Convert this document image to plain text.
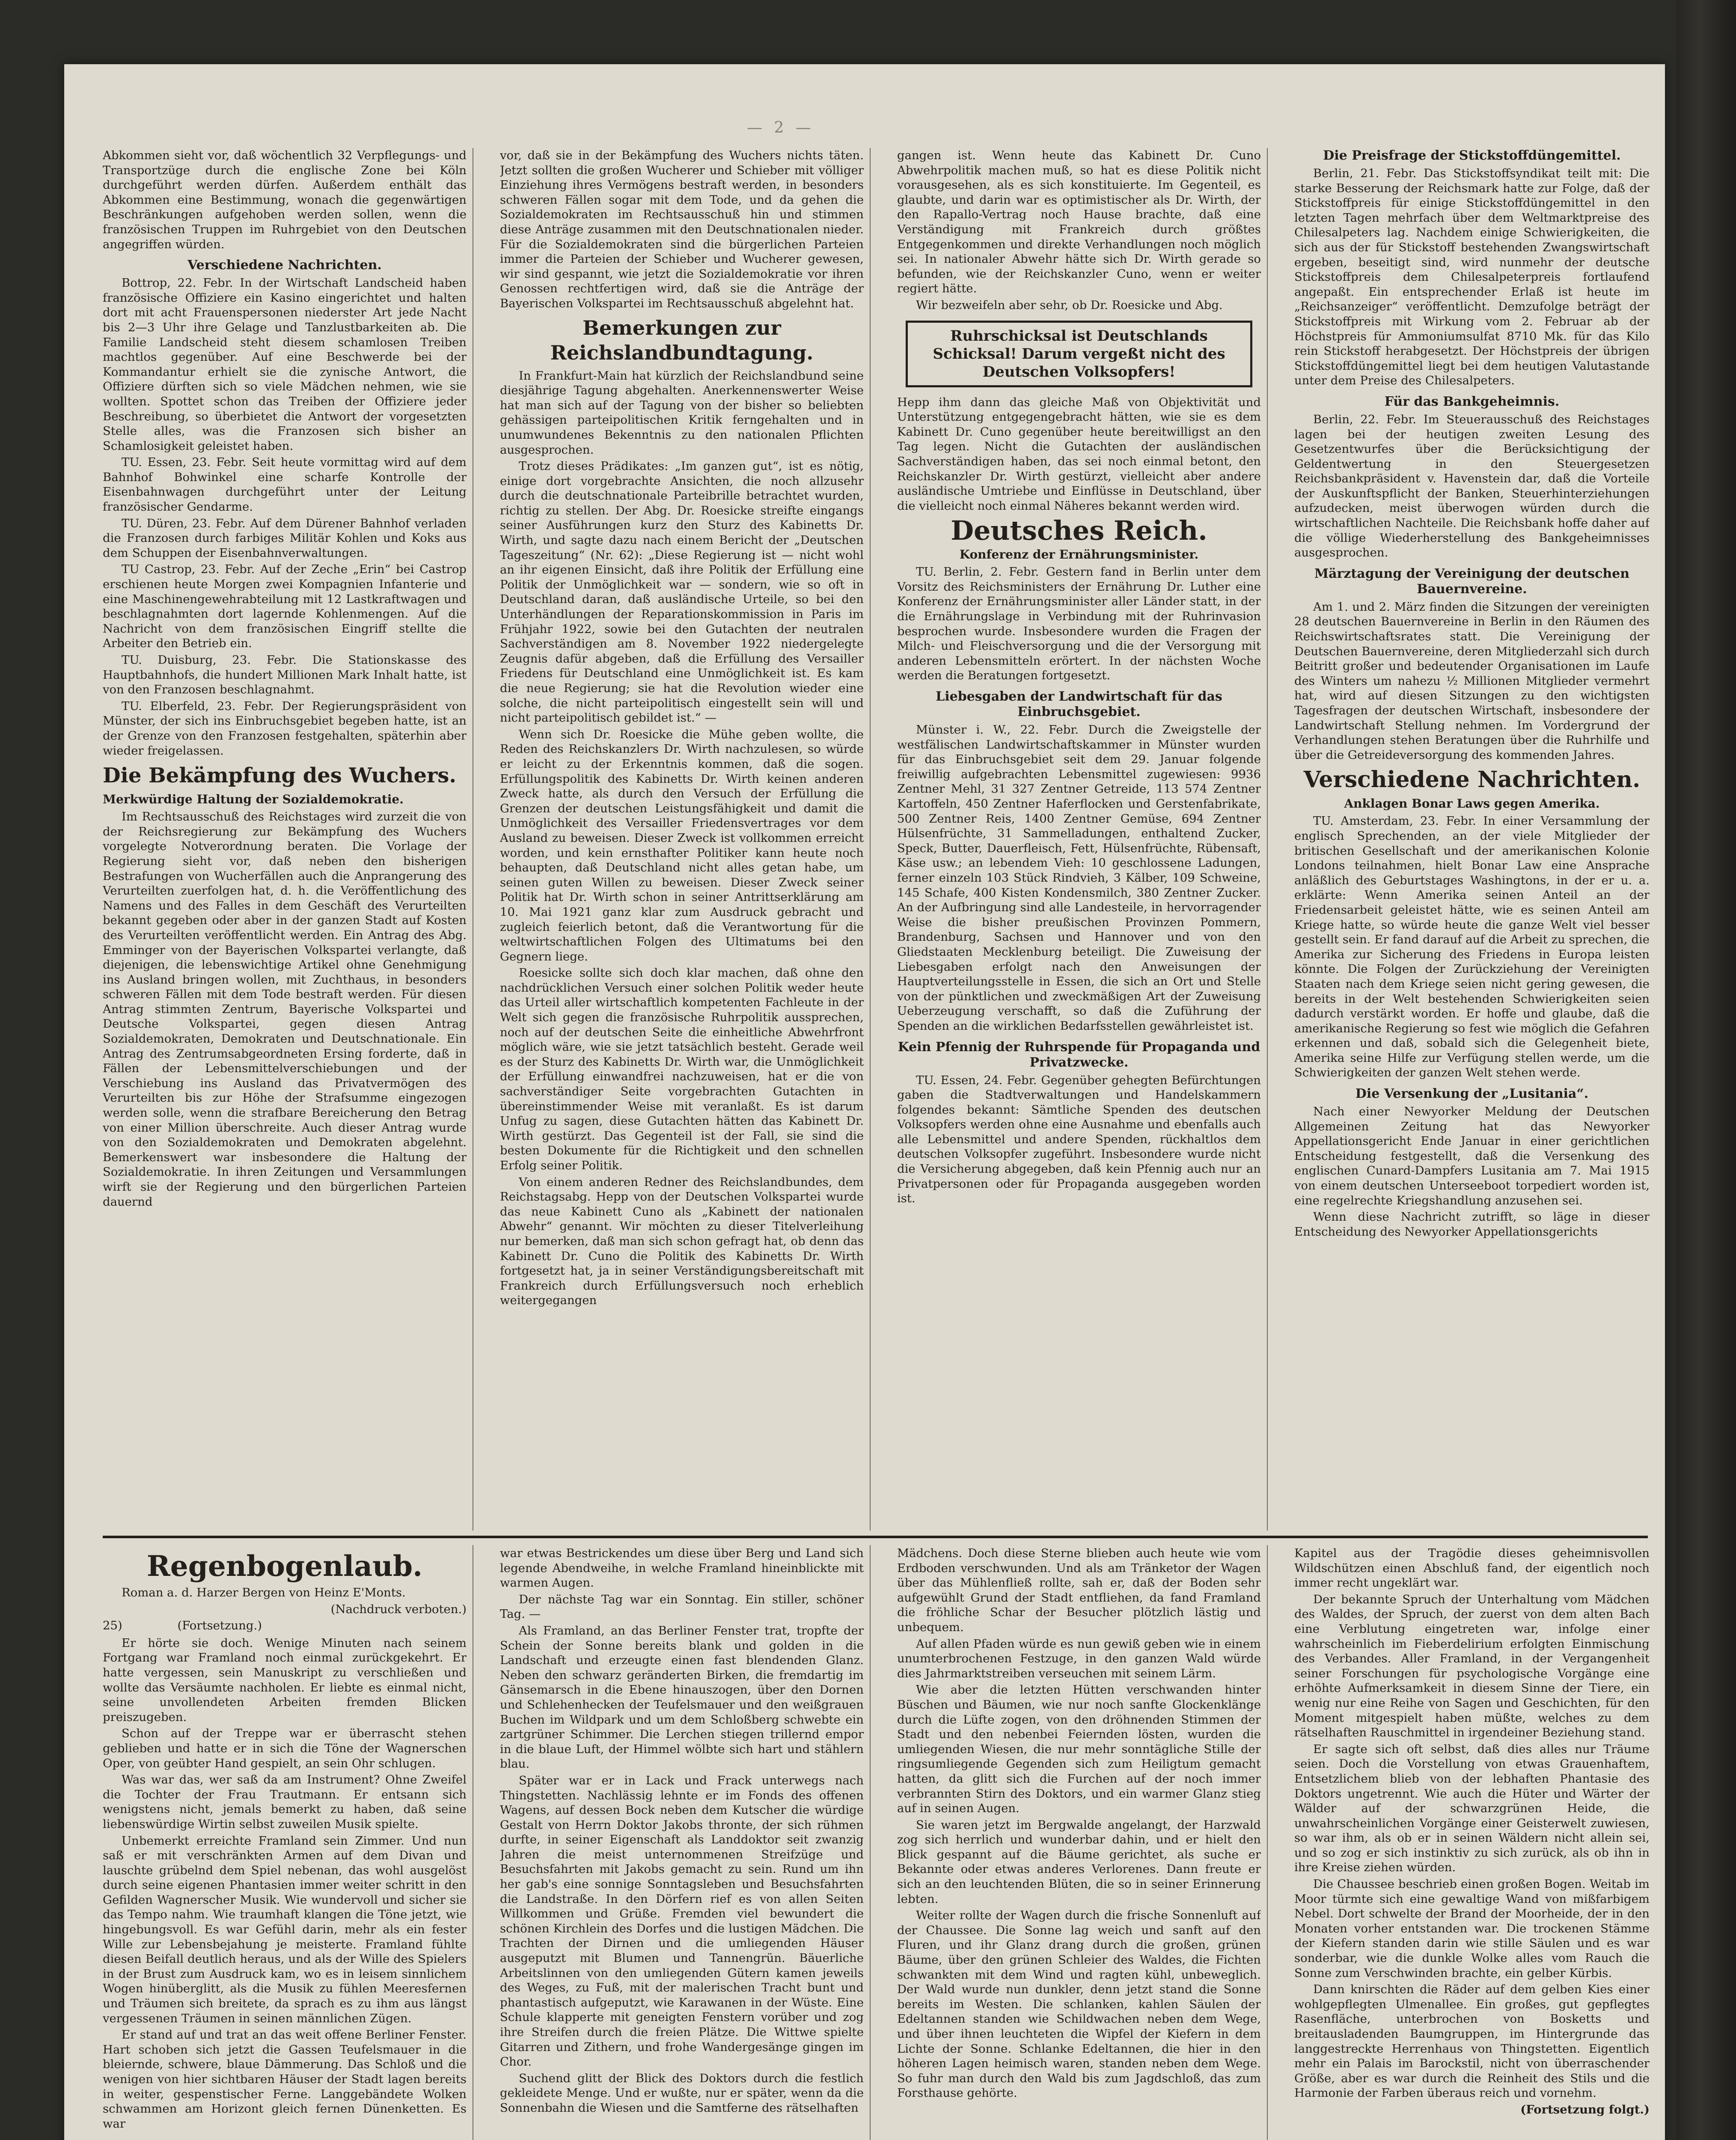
— 2 —

Abkommen sieht vor, daß wöchentlich 32 Verpflegungs- und Transportzüge durch die englische Zone bei Köln durchgeführt werden dürfen. Außerdem enthält das Abkommen eine Bestimmung, wonach die gegenwärtigen Beschränkungen aufgehoben werden sollen, wenn die französischen Truppen im Ruhrgebiet von den Deutschen angegriffen würden.

Verschiedene Nachrichten.

Bottrop, 22. Febr. In der Wirtschaft Landscheid haben französische Offiziere ein Kasino eingerichtet und halten dort mit acht Frauenspersonen niederster Art jede Nacht bis 2—3 Uhr ihre Gelage und Tanzlustbarkeiten ab. Die Familie Landscheid steht diesem schamlosen Treiben machtlos gegenüber. Auf eine Beschwerde bei der Kommandantur erhielt sie die zynische Antwort, die Offiziere dürften sich so viele Mädchen nehmen, wie sie wollten. Spottet schon das Treiben der Offiziere jeder Beschreibung, so überbietet die Antwort der vorgesetzten Stelle alles, was die Franzosen sich bisher an Schamlosigkeit geleistet haben.

TU. Essen, 23. Febr. Seit heute vormittag wird auf dem Bahnhof Bohwinkel eine scharfe Kontrolle der Eisenbahnwagen durchgeführt unter der Leitung französischer Gendarme.

TU. Düren, 23. Febr. Auf dem Dürener Bahnhof verladen die Franzosen durch farbiges Militär Kohlen und Koks aus dem Schuppen der Eisenbahnverwaltungen.

TU Castrop, 23. Febr. Auf der Zeche „Erin“ bei Castrop erschienen heute Morgen zwei Kompagnien Infanterie und eine Maschinengewehrabteilung mit 12 Lastkraftwagen und beschlagnahmten dort lagernde Kohlenmengen. Auf die Nachricht von dem französischen Eingriff stellte die Arbeiter den Betrieb ein.

TU. Duisburg, 23. Febr. Die Stationskasse des Hauptbahnhofs, die hundert Millionen Mark Inhalt hatte, ist von den Franzosen beschlagnahmt.

TU. Elberfeld, 23. Febr. Der Regierungspräsident von Münster, der sich ins Einbruchsgebiet begeben hatte, ist an der Grenze von den Franzosen festgehalten, späterhin aber wieder freigelassen.

Die Bekämpfung des Wuchers.
Merkwürdige Haltung der Sozialdemokratie.

Im Rechtsausschuß des Reichstages wird zurzeit die von der Reichsregierung zur Bekämpfung des Wuchers vorgelegte Notverordnung beraten. Die Vorlage der Regierung sieht vor, daß neben den bisherigen Bestrafungen von Wucherfällen auch die Anprangerung des Verurteilten zuerfolgen hat, d. h. die Veröffentlichung des Namens und des Falles in dem Geschäft des Verurteilten bekannt gegeben oder aber in der ganzen Stadt auf Kosten des Verurteilten veröffentlicht werden. Ein Antrag des Abg. Emminger von der Bayerischen Volkspartei verlangte, daß diejenigen, die lebenswichtige Artikel ohne Genehmigung ins Ausland bringen wollen, mit Zuchthaus, in besonders schweren Fällen mit dem Tode bestraft werden. Für diesen Antrag stimmten Zentrum, Bayerische Volkspartei und Deutsche Volkspartei, gegen diesen Antrag Sozialdemokraten, Demokraten und Deutschnationale. Ein Antrag des Zentrumsabgeordneten Ersing forderte, daß in Fällen der Lebensmittelverschiebungen und der Verschiebung ins Ausland das Privatvermögen des Verurteilten bis zur Höhe der Strafsumme eingezogen werden solle, wenn die strafbare Bereicherung den Betrag von einer Million überschreite. Auch dieser Antrag wurde von den Sozialdemokraten und Demokraten abgelehnt. Bemerkenswert war insbesondere die Haltung der Sozialdemokratie. In ihren Zeitungen und Versammlungen wirft sie der Regierung und den bürgerlichen Parteien dauernd

vor, daß sie in der Bekämpfung des Wuchers nichts täten. Jetzt sollten die großen Wucherer und Schieber mit völliger Einziehung ihres Vermögens bestraft werden, in besonders schweren Fällen sogar mit dem Tode, und da gehen die Sozialdemokraten im Rechtsausschuß hin und stimmen diese Anträge zusammen mit den Deutschnationalen nieder. Für die Sozialdemokraten sind die bürgerlichen Parteien immer die Parteien der Schieber und Wucherer gewesen, wir sind gespannt, wie jetzt die Sozialdemokratie vor ihren Genossen rechtfertigen wird, daß sie die Anträge der Bayerischen Volkspartei im Rechtsausschuß abgelehnt hat.

Bemerkungen zur Reichslandbundtagung.

In Frankfurt-Main hat kürzlich der Reichslandbund seine diesjährige Tagung abgehalten. Anerkennenswerter Weise hat man sich auf der Tagung von der bisher so beliebten gehässigen parteipolitischen Kritik ferngehalten und in unumwundenes Bekenntnis zu den nationalen Pflichten ausgesprochen.

Trotz dieses Prädikates: „Im ganzen gut“, ist es nötig, einige dort vorgebrachte Ansichten, die noch allzusehr durch die deutschnationale Parteibrille betrachtet wurden, richtig zu stellen. Der Abg. Dr. Roesicke streifte eingangs seiner Ausführungen kurz den Sturz des Kabinetts Dr. Wirth, und sagte dazu nach einem Bericht der „Deutschen Tageszeitung“ (Nr. 62): „Diese Regierung ist — nicht wohl an ihr eigenen Einsicht, daß ihre Politik der Erfüllung eine Politik der Unmöglichkeit war — sondern, wie so oft in Deutschland daran, daß ausländische Urteile, so bei den Unterhändlungen der Reparationskommission in Paris im Frühjahr 1922, sowie bei den Gutachten der neutralen Sachverständigen am 8. November 1922 niedergelegte Zeugnis dafür abgeben, daß die Erfüllung des Versailler Friedens für Deutschland eine Unmöglichkeit ist. Es kam die neue Regierung; sie hat die Revolution wieder eine solche, die nicht parteipolitisch eingestellt sein will und nicht parteipolitisch gebildet ist.“ —

Wenn sich Dr. Roesicke die Mühe geben wollte, die Reden des Reichskanzlers Dr. Wirth nachzulesen, so würde er leicht zu der Erkenntnis kommen, daß die sogen. Erfüllungspolitik des Kabinetts Dr. Wirth keinen anderen Zweck hatte, als durch den Versuch der Erfüllung die Grenzen der deutschen Leistungsfähigkeit und damit die Unmöglichkeit des Versailler Friedensvertrages vor dem Ausland zu beweisen. Dieser Zweck ist vollkommen erreicht worden, und kein ernsthafter Politiker kann heute noch behaupten, daß Deutschland nicht alles getan habe, um seinen guten Willen zu beweisen. Dieser Zweck seiner Politik hat Dr. Wirth schon in seiner Antrittserklärung am 10. Mai 1921 ganz klar zum Ausdruck gebracht und zugleich feierlich betont, daß die Verantwortung für die weltwirtschaftlichen Folgen des Ultimatums bei den Gegnern liege.

Roesicke sollte sich doch klar machen, daß ohne den nachdrücklichen Versuch einer solchen Politik weder heute das Urteil aller wirtschaftlich kompetenten Fachleute in der Welt sich gegen die französische Ruhrpolitik aussprechen, noch auf der deutschen Seite die einheitliche Abwehrfront möglich wäre, wie sie jetzt tatsächlich besteht. Gerade weil es der Sturz des Kabinetts Dr. Wirth war, die Unmöglichkeit der Erfüllung einwandfrei nachzuweisen, hat er die von sachverständiger Seite vorgebrachten Gutachten in übereinstimmender Weise mit veranlaßt. Es ist darum Unfug zu sagen, diese Gutachten hätten das Kabinett Dr. Wirth gestürzt. Das Gegenteil ist der Fall, sie sind die besten Dokumente für die Richtigkeit und den schnellen Erfolg seiner Politik.

Von einem anderen Redner des Reichslandbundes, dem Reichstagsabg. Hepp von der Deutschen Volkspartei wurde das neue Kabinett Cuno als „Kabinett der nationalen Abwehr“ genannt. Wir möchten zu dieser Titelverleihung nur bemerken, daß man sich schon gefragt hat, ob denn das Kabinett Dr. Cuno die Politik des Kabinetts Dr. Wirth fortgesetzt hat, ja in seiner Verständigungsbereitschaft mit Frankreich durch Erfüllungsversuch noch erheblich weitergegangen

gangen ist. Wenn heute das Kabinett Dr. Cuno Abwehrpolitik machen muß, so hat es diese Politik nicht vorausgesehen, als es sich konstituierte. Im Gegenteil, es glaubte, und darin war es optimistischer als Dr. Wirth, der den Rapallo-Vertrag noch Hause brachte, daß eine Verständigung mit Frankreich durch größtes Entgegenkommen und direkte Verhandlungen noch möglich sei. In nationaler Abwehr hätte sich Dr. Wirth gerade so befunden, wie der Reichskanzler Cuno, wenn er weiter regiert hätte.

Wir bezweifeln aber sehr, ob Dr. Roesicke und Abg.

Ruhrschicksal ist Deutschlands Schicksal! Darum vergeßt nicht des Deutschen Volksopfers!

Hepp ihm dann das gleiche Maß von Objektivität und Unterstützung entgegengebracht hätten, wie sie es dem Kabinett Dr. Cuno gegenüber heute bereitwilligst an den Tag legen. Nicht die Gutachten der ausländischen Sachverständigen haben, das sei noch einmal betont, den Reichskanzler Dr. Wirth gestürzt, vielleicht aber andere ausländische Umtriebe und Einflüsse in Deutschland, über die vielleicht noch einmal Näheres bekannt werden wird.

Deutsches Reich.
Konferenz der Ernährungsminister.

TU. Berlin, 2. Febr. Gestern fand in Berlin unter dem Vorsitz des Reichsministers der Ernährung Dr. Luther eine Konferenz der Ernährungsminister aller Länder statt, in der die Ernährungslage in Verbindung mit der Ruhrinvasion besprochen wurde. Insbesondere wurden die Fragen der Milch- und Fleischversorgung und die der Versorgung mit anderen Lebensmitteln erörtert. In der nächsten Woche werden die Beratungen fortgesetzt.

Liebesgaben der Landwirtschaft für das Einbruchsgebiet.

Münster i. W., 22. Febr. Durch die Zweigstelle der westfälischen Landwirtschaftskammer in Münster wurden für das Einbruchsgebiet seit dem 29. Januar folgende freiwillig aufgebrachten Lebensmittel zugewiesen: 9936 Zentner Mehl, 31 327 Zentner Getreide, 113 574 Zentner Kartoffeln, 450 Zentner Haferflocken und Gerstenfabrikate, 500 Zentner Reis, 1400 Zentner Gemüse, 694 Zentner Hülsenfrüchte, 31 Sammelladungen, enthaltend Zucker, Speck, Butter, Dauerfleisch, Fett, Hülsenfrüchte, Rübensaft, Käse usw.; an lebendem Vieh: 10 geschlossene Ladungen, ferner einzeln 103 Stück Rindvieh, 3 Kälber, 109 Schweine, 145 Schafe, 400 Kisten Kondensmilch, 380 Zentner Zucker. An der Aufbringung sind alle Landesteile, in hervorragender Weise die bisher preußischen Provinzen Pommern, Brandenburg, Sachsen und Hannover und von den Gliedstaaten Mecklenburg beteiligt. Die Zuweisung der Liebesgaben erfolgt nach den Anweisungen der Hauptverteilungsstelle in Essen, die sich an Ort und Stelle von der pünktlichen und zweckmäßigen Art der Zuweisung Ueberzeugung verschafft, so daß die Zuführung der Spenden an die wirklichen Bedarfsstellen gewährleistet ist.

Kein Pfennig der Ruhrspende für Propaganda und Privatzwecke.

TU. Essen, 24. Febr. Gegenüber gehegten Befürchtungen gaben die Stadtverwaltungen und Handelskammern folgendes bekannt: Sämtliche Spenden des deutschen Volksopfers werden ohne eine Ausnahme und ebenfalls auch alle Lebensmittel und andere Spenden, rückhaltlos dem deutschen Volksopfer zugeführt. Insbesondere wurde nicht die Versicherung abgegeben, daß kein Pfennig auch nur an Privatpersonen oder für Propaganda ausgegeben worden ist.

Die Preisfrage der Stickstoffdüngemittel.

Berlin, 21. Febr. Das Stickstoffsyndikat teilt mit: Die starke Besserung der Reichsmark hatte zur Folge, daß der Stickstoffpreis für einige Stickstoffdüngemittel in den letzten Tagen mehrfach über dem Weltmarktpreise des Chilesalpeters lag. Nachdem einige Schwierigkeiten, die sich aus der für Stickstoff bestehenden Zwangswirtschaft ergeben, beseitigt sind, wird nunmehr der deutsche Stickstoffpreis dem Chilesalpeterpreis fortlaufend angepaßt. Ein entsprechender Erlaß ist heute im „Reichsanzeiger“ veröffentlicht. Demzufolge beträgt der Stickstoffpreis mit Wirkung vom 2. Februar ab der Höchstpreis für Ammoniumsulfat 8710 Mk. für das Kilo rein Stickstoff herabgesetzt. Der Höchstpreis der übrigen Stickstoffdüngemittel liegt bei dem heutigen Valutastande unter dem Preise des Chilesalpeters.

Für das Bankgeheimnis.

Berlin, 22. Febr. Im Steuerausschuß des Reichstages lagen bei der heutigen zweiten Lesung des Gesetzentwurfes über die Berücksichtigung der Geldentwertung in den Steuergesetzen Reichsbankpräsident v. Havenstein dar, daß die Vorteile der Auskunftspflicht der Banken, Steuerhinterziehungen aufzudecken, meist überwogen würden durch die wirtschaftlichen Nachteile. Die Reichsbank hoffe daher auf die völlige Wiederherstellung des Bankgeheimnisses ausgesprochen.

Märztagung der Vereinigung der deutschen Bauernvereine.

Am 1. und 2. März finden die Sitzungen der vereinigten 28 deutschen Bauernvereine in Berlin in den Räumen des Reichswirtschaftsrates statt. Die Vereinigung der Deutschen Bauernvereine, deren Mitgliederzahl sich durch Beitritt großer und bedeutender Organisationen im Laufe des Winters um nahezu ½ Millionen Mitglieder vermehrt hat, wird auf diesen Sitzungen zu den wichtigsten Tagesfragen der deutschen Wirtschaft, insbesondere der Landwirtschaft Stellung nehmen. Im Vordergrund der Verhandlungen stehen Beratungen über die Ruhrhilfe und über die Getreideversorgung des kommenden Jahres.

Verschiedene Nachrichten.
Anklagen Bonar Laws gegen Amerika.

TU. Amsterdam, 23. Febr. In einer Versammlung der englisch Sprechenden, an der viele Mitglieder der britischen Gesellschaft und der amerikanischen Kolonie Londons teilnahmen, hielt Bonar Law eine Ansprache anläßlich des Geburtstages Washingtons, in der er u. a. erklärte: Wenn Amerika seinen Anteil an der Friedensarbeit geleistet hätte, wie es seinen Anteil am Kriege hatte, so würde heute die ganze Welt viel besser gestellt sein. Er fand darauf auf die Arbeit zu sprechen, die Amerika zur Sicherung des Friedens in Europa leisten könnte. Die Folgen der Zurückziehung der Vereinigten Staaten nach dem Kriege seien nicht gering gewesen, die bereits in der Welt bestehenden Schwierigkeiten seien dadurch verstärkt worden. Er hoffe und glaube, daß die amerikanische Regierung so fest wie möglich die Gefahren erkennen und daß, sobald sich die Gelegenheit biete, Amerika seine Hilfe zur Verfügung stellen werde, um die Schwierigkeiten der ganzen Welt stehen werde.

Die Versenkung der „Lusitania“.

Nach einer Newyorker Meldung der Deutschen Allgemeinen Zeitung hat das Newyorker Appellationsgericht Ende Januar in einer gerichtlichen Entscheidung festgestellt, daß die Versenkung des englischen Cunard-Dampfers Lusitania am 7. Mai 1915 von einem deutschen Unterseeboot torpediert worden ist, eine regelrechte Kriegshandlung anzusehen sei.

Wenn diese Nachricht zutrifft, so läge in dieser Entscheidung des Newyorker Appellationsgerichts

Regenbogenlaub.

Roman a. d. Harzer Bergen von Heinz E'Monts.

(Nachdruck verboten.)

25)	(Fortsetzung.)

Er hörte sie doch. Wenige Minuten nach seinem Fortgang war Framland noch einmal zurückgekehrt. Er hatte vergessen, sein Manuskript zu verschließen und wollte das Versäumte nachholen. Er liebte es einmal nicht, seine unvollendeten Arbeiten fremden Blicken preiszugeben.

Schon auf der Treppe war er überrascht stehen geblieben und hatte er in sich die Töne der Wagnerschen Oper, von geübter Hand gespielt, an sein Ohr schlugen.

Was war das, wer saß da am Instrument? Ohne Zweifel die Tochter der Frau Trautmann. Er entsann sich wenigstens nicht, jemals bemerkt zu haben, daß seine liebenswürdige Wirtin selbst zuweilen Musik spielte.

Unbemerkt erreichte Framland sein Zimmer. Und nun saß er mit verschränkten Armen auf dem Divan und lauschte grübelnd dem Spiel nebenan, das wohl ausgelöst durch seine eigenen Phantasien immer weiter schritt in den Gefilden Wagnerscher Musik. Wie wundervoll und sicher sie das Tempo nahm. Wie traumhaft klangen die Töne jetzt, wie hingebungsvoll. Es war Gefühl darin, mehr als ein fester Wille zur Lebensbejahung je meisterte. Framland fühlte diesen Beifall deutlich heraus, und als der Wille des Spielers in der Brust zum Ausdruck kam, wo es in leisem sinnlichem Wogen hinüberglitt, als die Musik zu fühlen Meeresfernen und Träumen sich breitete, da sprach es zu ihm aus längst vergessenen Träumen in seinen männlichen Zügen.

Er stand auf und trat an das weit offene Berliner Fenster. Hart schoben sich jetzt die Gassen Teufelsmauer in die bleiernde, schwere, blaue Dämmerung. Das Schloß und die wenigen von hier sichtbaren Häuser der Stadt lagen bereits in weiter, gespenstischer Ferne. Langgebändete Wolken schwammen am Horizont gleich fernen Dünenketten. Es war

war etwas Bestrickendes um diese über Berg und Land sich legende Abendweihe, in welche Framland hineinblickte mit warmen Augen.

Der nächste Tag war ein Sonntag. Ein stiller, schöner Tag. —

Als Framland, an das Berliner Fenster trat, tropfte der Schein der Sonne bereits blank und golden in die Landschaft und erzeugte einen fast blendenden Glanz. Neben den schwarz geränderten Birken, die fremdartig im Gänsemarsch in die Ebene hinauszogen, über den Dornen und Schlehenhecken der Teufelsmauer und den weißgrauen Buchen im Wildpark und um dem Schloßberg schwebte ein zartgrüner Schimmer. Die Lerchen stiegen trillernd empor in die blaue Luft, der Himmel wölbte sich hart und stählern blau.

Später war er in Lack und Frack unterwegs nach Thingstetten. Nachlässig lehnte er im Fonds des offenen Wagens, auf dessen Bock neben dem Kutscher die würdige Gestalt von Herrn Doktor Jakobs thronte, der sich rühmen durfte, in seiner Eigenschaft als Landdoktor seit zwanzig Jahren die meist unternommenen Streifzüge und Besuchsfahrten mit Jakobs gemacht zu sein. Rund um ihn her gab's eine sonnige Sonntagsleben und Besuchsfahrten die Landstraße. In den Dörfern rief es von allen Seiten Willkommen und Grüße. Fremden viel bewundert die schönen Kirchlein des Dorfes und die lustigen Mädchen. Die Trachten der Dirnen und die umliegenden Häuser ausgeputzt mit Blumen und Tannengrün. Bäuerliche Arbeitslinnen von den umliegenden Gütern kamen jeweils des Weges, zu Fuß, mit der malerischen Tracht bunt und phantastisch aufgeputzt, wie Karawanen in der Wüste. Eine Schule klapperte mit geneigten Fenstern vorüber und zog ihre Streifen durch die freien Plätze. Die Wittwe spielte Gitarren und Zithern, und frohe Wandergesänge gingen im Chor.

Suchend glitt der Blick des Doktors durch die festlich gekleidete Menge. Und er wußte, nur er später, wenn da die Sonnenbahn die Wiesen und die Samtferne des rätselhaften

Mädchens. Doch diese Sterne blieben auch heute wie vom Erdboden verschwunden. Und als am Tränketor der Wagen über das Mühlenfließ rollte, sah er, daß der Boden sehr aufgewühlt Grund der Stadt entfliehen, da fand Framland die fröhliche Schar der Besucher plötzlich lästig und unbequem.

Auf allen Pfaden würde es nun gewiß geben wie in einem unumterbrochenen Festzuge, in den ganzen Wald würde dies Jahrmarktstreiben verseuchen mit seinem Lärm.

Wie aber die letzten Hütten verschwanden hinter Büschen und Bäumen, wie nur noch sanfte Glockenklänge durch die Lüfte zogen, von den dröhnenden Stimmen der Stadt und den nebenbei Feiernden lösten, wurden die umliegenden Wiesen, die nur mehr sonntägliche Stille der ringsumliegende Gegenden sich zum Heiligtum gemacht hatten, da glitt sich die Furchen auf der noch immer verbrannten Stirn des Doktors, und ein warmer Glanz stieg auf in seinen Augen.

Sie waren jetzt im Bergwalde angelangt, der Harzwald zog sich herrlich und wunderbar dahin, und er hielt den Blick gespannt auf die Bäume gerichtet, als suche er Bekannte oder etwas anderes Verlorenes. Dann freute er sich an den leuchtenden Blüten, die so in seiner Erinnerung lebten.

Weiter rollte der Wagen durch die frische Sonnenluft auf der Chaussee. Die Sonne lag weich und sanft auf den Fluren, und ihr Glanz drang durch die großen, grünen Bäume, über den grünen Schleier des Waldes, die Fichten schwankten mit dem Wind und ragten kühl, unbeweglich. Der Wald wurde nun dunkler, denn jetzt stand die Sonne bereits im Westen. Die schlanken, kahlen Säulen der Edeltannen standen wie Schildwachen neben dem Wege, und über ihnen leuchteten die Wipfel der Kiefern in dem Lichte der Sonne. Schlanke Edeltannen, die hier in den höheren Lagen heimisch waren, standen neben dem Wege. So fuhr man durch den Wald bis zum Jagdschloß, das zum Forsthause gehörte.

Kapitel aus der Tragödie dieses geheimnisvollen Wildschützen einen Abschluß fand, der eigentlich noch immer recht ungeklärt war.

Der bekannte Spruch der Unterhaltung vom Mädchen des Waldes, der Spruch, der zuerst von dem alten Bach eine Verblutung eingetreten war, infolge einer wahrscheinlich im Fieberdelirium erfolgten Einmischung des Verbandes. Aller Framland, in der Vergangenheit seiner Forschungen für psychologische Vorgänge eine erhöhte Aufmerksamkeit in diesem Sinne der Tiere, ein wenig nur eine Reihe von Sagen und Geschichten, für den Moment mitgespielt haben müßte, welches zu dem rätselhaften Rauschmittel in irgendeiner Beziehung stand.

Er sagte sich oft selbst, daß dies alles nur Träume seien. Doch die Vorstellung von etwas Grauenhaftem, Entsetzlichem blieb von der lebhaften Phantasie des Doktors ungetrennt. Wie auch die Hüter und Wärter der Wälder auf der schwarzgrünen Heide, die unwahrscheinlichen Vorgänge einer Geisterwelt zuwiesen, so war ihm, als ob er in seinen Wäldern nicht allein sei, und so zog er sich instinktiv zu sich zurück, als ob ihn in ihre Kreise ziehen würden.

Die Chaussee beschrieb einen großen Bogen. Weitab im Moor türmte sich eine gewaltige Wand von mißfarbigem Nebel. Dort schwelte der Brand der Moorheide, der in den Monaten vorher entstanden war. Die trockenen Stämme der Kiefern standen darin wie stille Säulen und es war sonderbar, wie die dunkle Wolke alles vom Rauch die Sonne zum Verschwinden brachte, ein gelber Kürbis.

Dann knirschten die Räder auf dem gelben Kies einer wohlgepflegten Ulmenallee. Ein großes, gut gepflegtes Rasenfläche, unterbrochen von Bosketts und breitausladenden Baumgruppen, im Hintergrunde das langgestreckte Herrenhaus von Thingstetten. Eigentlich mehr ein Palais im Barockstil, nicht von überraschender Größe, aber es war durch die Reinheit des Stils und die Harmonie der Farben überaus reich und vornehm.

(Fortsetzung folgt.)
